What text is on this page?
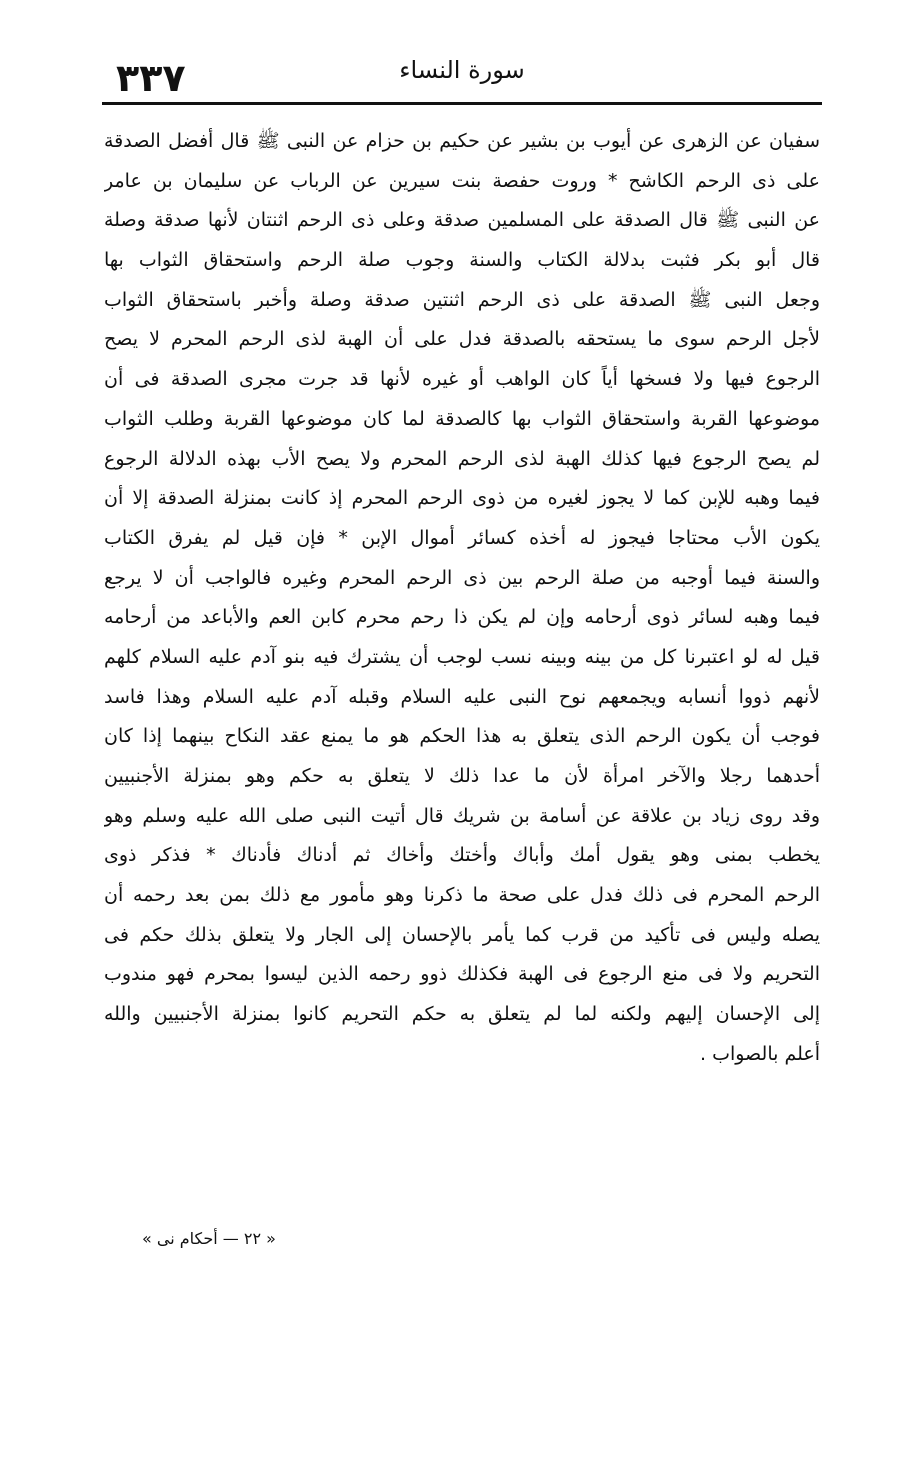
٣٣٧	سورة النساء
سفيان عن الزهرى عن أيوب بن بشير عن حكيم بن حزام عن النبى ﷺ قال أفضل الصدقة
على ذى الرحم الكاشح * وروت حفصة بنت سيرين عن الرباب عن سليمان بن عامر
عن النبى ﷺ قال الصدقة على المسلمين صدقة وعلى ذى الرحم اثنتان لأنها صدقة وصلة
قال أبو بكر فثبت بدلالة الكتاب والسنة وجوب صلة الرحم واستحقاق الثواب بها
وجعل النبى ﷺ الصدقة على ذى الرحم اثنتين صدقة وصلة وأخبر باستحقاق الثواب
لأجل الرحم سوى ما يستحقه بالصدقة فدل على أن الهبة لذى الرحم المحرم لا يصح
الرجوع فيها ولا فسخها أياً كان الواهب أو غيره لأنها قد جرت مجرى الصدقة فى أن
موضوعها القربة واستحقاق الثواب بها كالصدقة لما كان موضوعها القربة وطلب الثواب
لم يصح الرجوع فيها كذلك الهبة لذى الرحم المحرم ولا يصح الأب بهذه الدلالة الرجوع
فيما وهبه للإبن كما لا يجوز لغيره من ذوى الرحم المحرم إذ كانت بمنزلة الصدقة إلا أن
يكون الأب محتاجا فيجوز له أخذه كسائر أموال الإبن * فإن قيل لم يفرق الكتاب
والسنة فيما أوجبه من صلة الرحم بين ذى الرحم المحرم وغيره فالواجب أن لا يرجع
فيما وهبه لسائر ذوى أرحامه وإن لم يكن ذا رحم محرم كابن العم والأباعد من أرحامه
قيل له لو اعتبرنا كل من بينه وبينه نسب لوجب أن يشترك فيه بنو آدم عليه السلام كلهم
لأنهم ذووا أنسابه ويجمعهم نوح النبى عليه السلام وقبله آدم عليه السلام وهذا فاسد
فوجب أن يكون الرحم الذى يتعلق به هذا الحكم هو ما يمنع عقد النكاح بينهما إذا كان
أحدهما رجلا والآخر امرأة لأن ما عدا ذلك لا يتعلق به حكم وهو بمنزلة الأجنبيين
وقد روى زياد بن علاقة عن أسامة بن شريك قال أتيت النبى صلى الله عليه وسلم وهو
يخطب بمنى وهو يقول أمك وأباك وأختك وأخاك ثم أدناك فأدناك * فذكر ذوى
الرحم المحرم فى ذلك فدل على صحة ما ذكرنا وهو مأمور مع ذلك بمن بعد رحمه أن
يصله وليس فى تأكيد من قرب كما يأمر بالإحسان إلى الجار ولا يتعلق بذلك حكم فى
التحريم ولا فى منع الرجوع فى الهبة فكذلك ذوو رحمه الذين ليسوا بمحرم فهو مندوب
إلى الإحسان إليهم ولكنه لما لم يتعلق به حكم التحريم كانوا بمنزلة الأجنبيين والله
أعلم بالصواب .
« ٢٢ — أحكام نى »
